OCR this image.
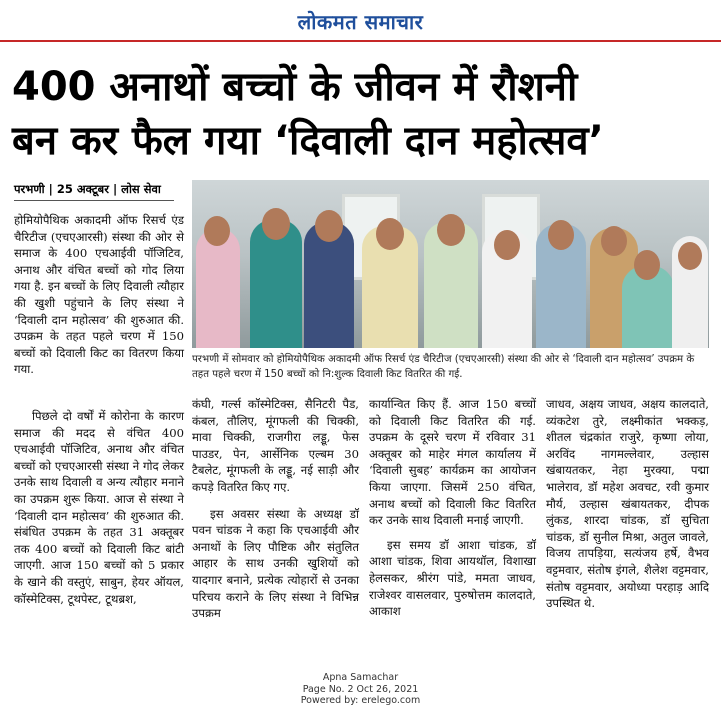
लोकमत समाचार
400 अनाथों बच्चों के जीवन में रौशनी
बन कर फैल गया ‘दिवाली दान महोत्सव’
परभणी | 25 अक्टूबर | लोस सेवा

होमियोपैथिक अकादमी ऑफ रिसर्च एंड चैरिटीज (एचएआरसी) संस्था की ओर से समाज के 400 एचआईवी पॉजिटिव, अनाथ और वंचित बच्चों को गोद लिया गया है. इन बच्चों के लिए दिवाली त्यौहार की खुशी पहुंचाने के लिए संस्था ने ‘दिवाली दान महोत्सव’ की शुरुआत की. उपक्रम के तहत पहले चरण में 150 बच्चों को दिवाली किट का वितरण किया गया.

परभणी में सोमवार को होमियोपैथिक अकादमी ऑफ रिसर्च एंड चैरिटीज (एचएआरसी) संस्था की ओर से ‘दिवाली दान महोत्सव’ उपक्रम के तहत पहले चरण में 150 बच्चों को नि:शुल्क दिवाली किट वितरित की गई.

पिछले दो वर्षों में कोरोना के कारण समाज की मदद से वंचित 400 एचआईवी पॉजिटिव, अनाथ और वंचित बच्चों को एचएआरसी संस्था ने गोद लेकर उनके साथ दिवाली व अन्य त्यौहार मनाने का उपक्रम शुरू किया. आज से संस्था ने ‘दिवाली दान महोत्सव’ की शुरुआत की. संबंधित उपक्रम के तहत 31 अक्तूबर तक 400 बच्चों को दिवाली किट बांटी जाएगी. आज 150 बच्चों को 5 प्रकार के खाने की वस्तुएं, साबुन, हेयर ऑयल, कॉस्मेटिक्स, टूथपेस्ट, टूथब्रश,

कंघी, गर्ल्स कॉस्मेटिक्स, सैनिटरी पैड, कंबल, तौलिए, मूंगफली की चिक्की, मावा चिक्की, राजगीरा लड्डू, फेस पाउडर, पेन, आर्सेनिक एल्बम 30 टैबलेट, मूंगफली के लड्डू, नई साड़ी और कपड़े वितरित किए गए.

इस अवसर संस्था के अध्यक्ष डॉ पवन चांडक ने कहा कि एचआईवी और अनाथों के लिए पौष्टिक और संतुलित आहार के साथ उनकी खुशियों को यादगार बनाने, प्रत्येक त्योहारों से उनका परिचय कराने के लिए संस्था ने विभिन्न उपक्रम

कार्यान्वित किए हैं. आज 150 बच्चों को दिवाली किट वितरित की गई. उपक्रम के दूसरे चरण में रविवार 31 अक्तूबर को माहेर मंगल कार्यालय में ‘दिवाली सुबह’ कार्यक्रम का आयोजन किया जाएगा. जिसमें 250 वंचित, अनाथ बच्चों को दिवाली किट वितरित कर उनके साथ दिवाली मनाई जाएगी.

इस समय डॉ आशा चांडक, डॉ आशा चांडक, शिवा आयथॉल, विशाखा हेलसकर, श्रीरंग पांडे, ममता जाधव, राजेश्वर वासलवार, पुरुषोत्तम कालदाते, आकाश

जाधव, अक्षय जाधव, अक्षय कालदाते, व्यंकटेश तुरे, लक्ष्मीकांत भक्कड़, शीतल चंद्रकांत राजुरे, कृष्णा लोया, अरविंद नागमल्लेवार, उल्हास खंबायतकर, नेहा मुरक्या, पद्मा भालेराव, डॉ महेश अवचट, रवी कुमार मौर्य, उल्हास खंबायतकर, दीपक लुंकड, शारदा चांडक, डॉ सुचिता चांडक, डॉ सुनील मिश्रा, अतुल जावले, विजय तापड़िया, सत्यंजय हर्षे, वैभव वट्टमवार, संतोष इंगले, शैलेश वट्टमवार, संतोष वट्टमवार, अयोध्या परहाड़ आदि उपस्थित थे.

Apna Samachar
Page No. 2 Oct 26, 2021
Powered by: erelego.com
